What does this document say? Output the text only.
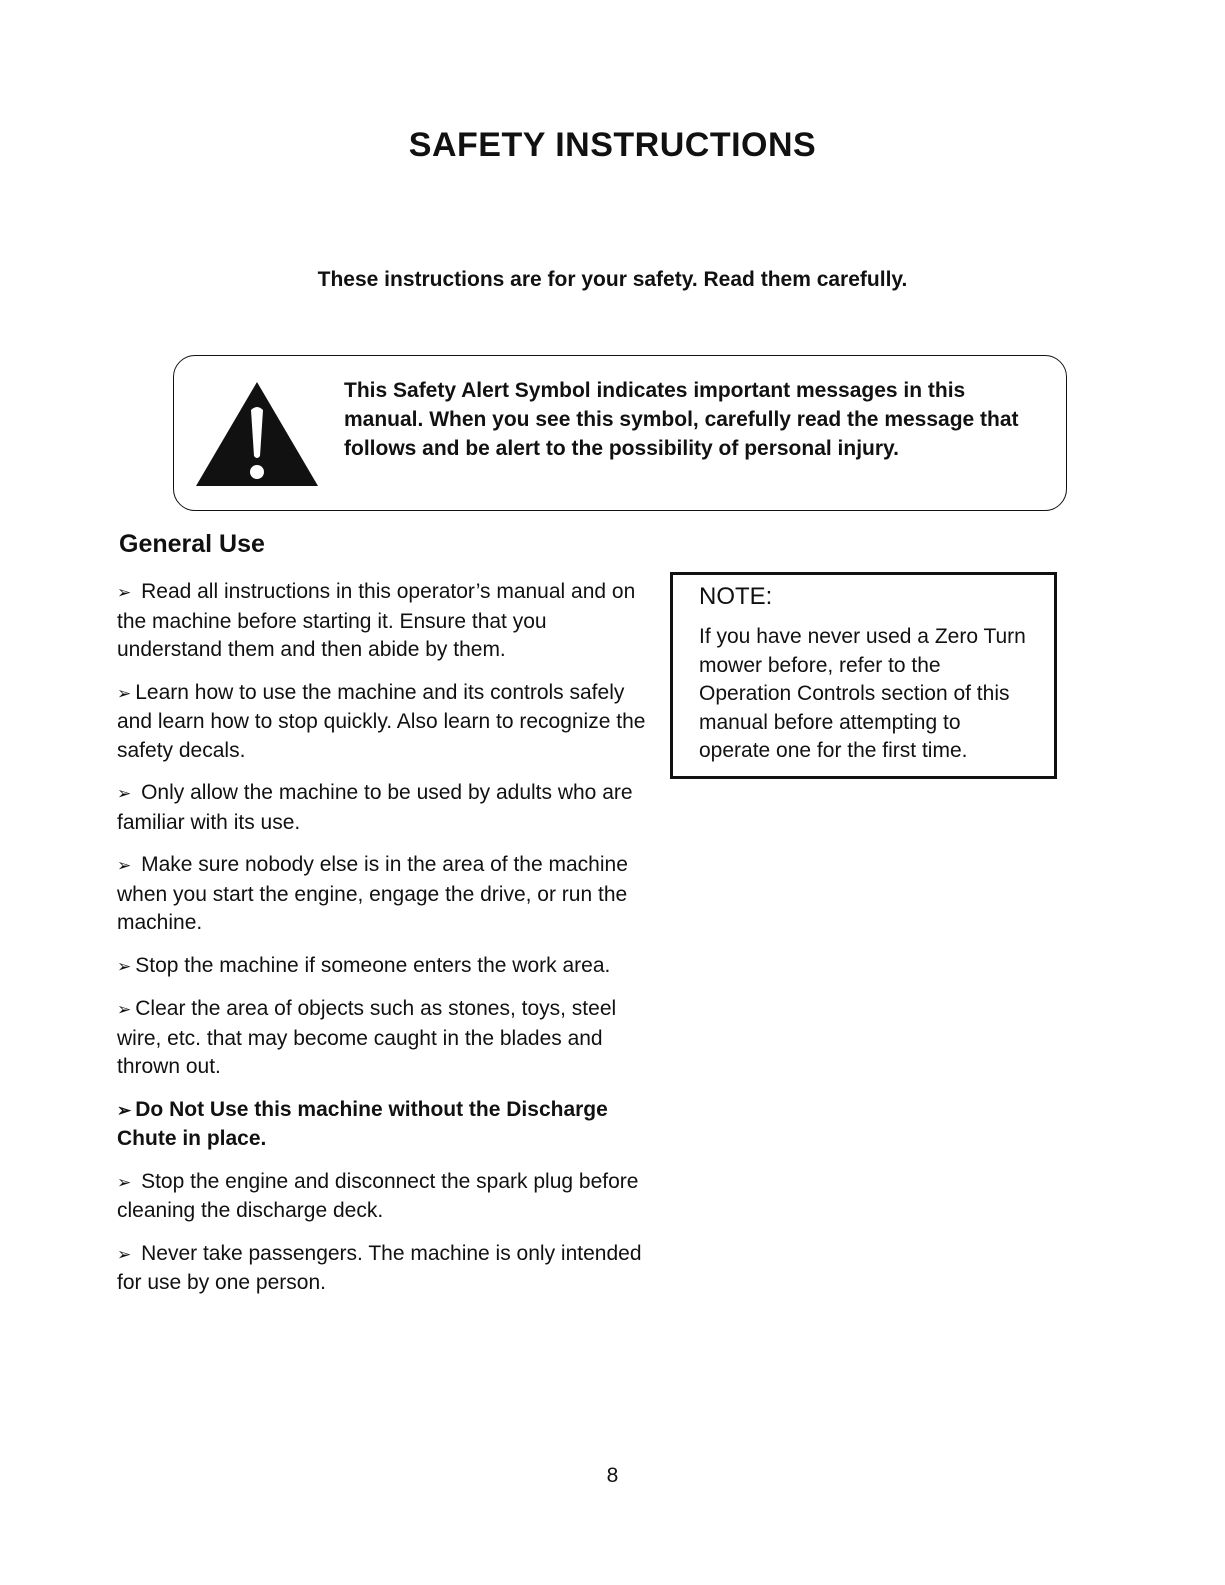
SAFETY INSTRUCTIONS

These instructions are for your safety. Read them carefully.

This Safety Alert Symbol indicates important messages in this manual. When you see this symbol, carefully read the message that follows and be alert to the possibility of personal injury.

General Use

➢ Read all instructions in this operator’s manual and on the machine before starting it. Ensure that you understand them and then abide by them.

➢ Learn how to use the machine and its controls safely and learn how to stop quickly. Also learn to recognize the safety decals.

➢ Only allow the machine to be used by adults who are familiar with its use.

➢ Make sure nobody else is in the area of the machine when you start the engine, engage the drive, or run the machine.

➢ Stop the machine if someone enters the work area.

➢ Clear the area of objects such as stones, toys, steel wire, etc. that may become caught in the blades and thrown out.

➢ Do Not Use this machine without the Discharge Chute in place.

➢ Stop the engine and disconnect the spark plug before cleaning the discharge deck.

➢ Never take passengers. The machine is only intended for use by one person.

NOTE:

If you have never used a Zero Turn mower before, refer to the Operation Controls section of this manual before attempting to operate one for the first time.

8
